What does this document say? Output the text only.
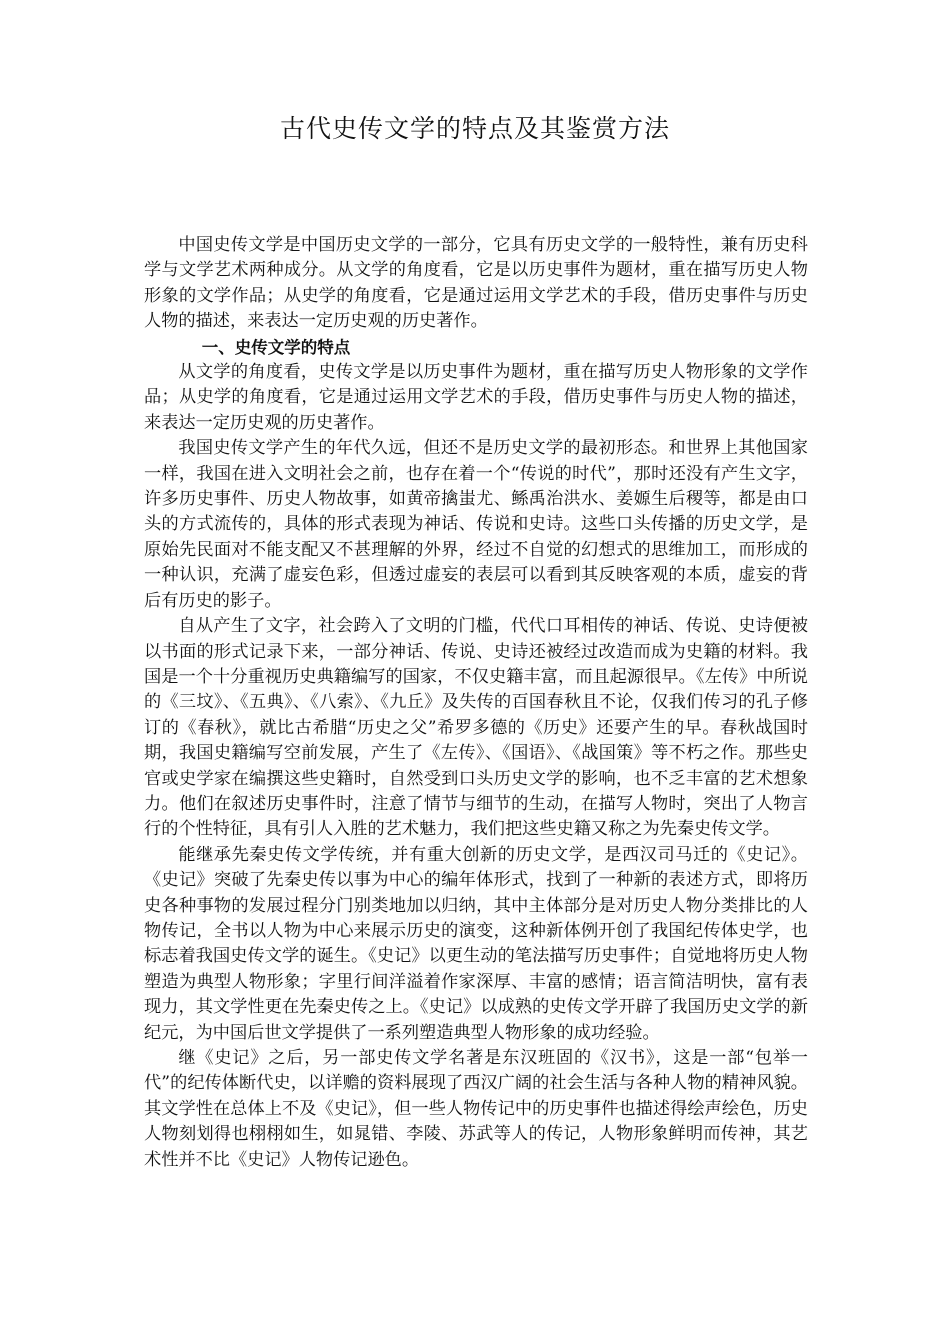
古代史传文学的特点及其鉴赏方法

中国史传文学是中国历史文学的一部分，它具有历史文学的一般特性，兼有历史科学与文学艺术两种成分。从文学的角度看，它是以历史事件为题材，重在描写历史人物形象的文学作品；从史学的角度看，它是通过运用文学艺术的手段，借历史事件与历史人物的描述，来表达一定历史观的历史著作。

一、史传文学的特点

从文学的角度看，史传文学是以历史事件为题材，重在描写历史人物形象的文学作品；从史学的角度看，它是通过运用文学艺术的手段，借历史事件与历史人物的描述，来表达一定历史观的历史著作。

我国史传文学产生的年代久远，但还不是历史文学的最初形态。和世界上其他国家一样，我国在进入文明社会之前，也存在着一个“传说的时代”，那时还没有产生文字，许多历史事件、历史人物故事，如黄帝擒蚩尤、鲧禹治洪水、姜嫄生后稷等，都是由口头的方式流传的，具体的形式表现为神话、传说和史诗。这些口头传播的历史文学，是原始先民面对不能支配又不甚理解的外界，经过不自觉的幻想式的思维加工，而形成的一种认识，充满了虚妄色彩，但透过虚妄的表层可以看到其反映客观的本质，虚妄的背后有历史的影子。

自从产生了文字，社会跨入了文明的门槛，代代口耳相传的神话、传说、史诗便被以书面的形式记录下来，一部分神话、传说、史诗还被经过改造而成为史籍的材料。我国是一个十分重视历史典籍编写的国家，不仅史籍丰富，而且起源很早。《左传》中所说的《三坟》、《五典》、《八索》、《九丘》及失传的百国春秋且不论，仅我们传习的孔子修订的《春秋》，就比古希腊“历史之父”希罗多德的《历史》还要产生的早。春秋战国时期，我国史籍编写空前发展，产生了《左传》、《国语》、《战国策》等不朽之作。那些史官或史学家在编撰这些史籍时，自然受到口头历史文学的影响，也不乏丰富的艺术想象力。他们在叙述历史事件时，注意了情节与细节的生动，在描写人物时，突出了人物言行的个性特征，具有引人入胜的艺术魅力，我们把这些史籍又称之为先秦史传文学。

能继承先秦史传文学传统，并有重大创新的历史文学，是西汉司马迁的《史记》。《史记》突破了先秦史传以事为中心的编年体形式，找到了一种新的表述方式，即将历史各种事物的发展过程分门别类地加以归纳，其中主体部分是对历史人物分类排比的人物传记，全书以人物为中心来展示历史的演变，这种新体例开创了我国纪传体史学，也标志着我国史传文学的诞生。《史记》以更生动的笔法描写历史事件；自觉地将历史人物塑造为典型人物形象；字里行间洋溢着作家深厚、丰富的感情；语言简洁明快，富有表现力，其文学性更在先秦史传之上。《史记》以成熟的史传文学开辟了我国历史文学的新纪元，为中国后世文学提供了一系列塑造典型人物形象的成功经验。

继《史记》之后，另一部史传文学名著是东汉班固的《汉书》，这是一部“包举一代”的纪传体断代史，以详赡的资料展现了西汉广阔的社会生活与各种人物的精神风貌。其文学性在总体上不及《史记》，但一些人物传记中的历史事件也描述得绘声绘色，历史人物刻划得也栩栩如生，如晁错、李陵、苏武等人的传记，人物形象鲜明而传神，其艺术性并不比《史记》人物传记逊色。
